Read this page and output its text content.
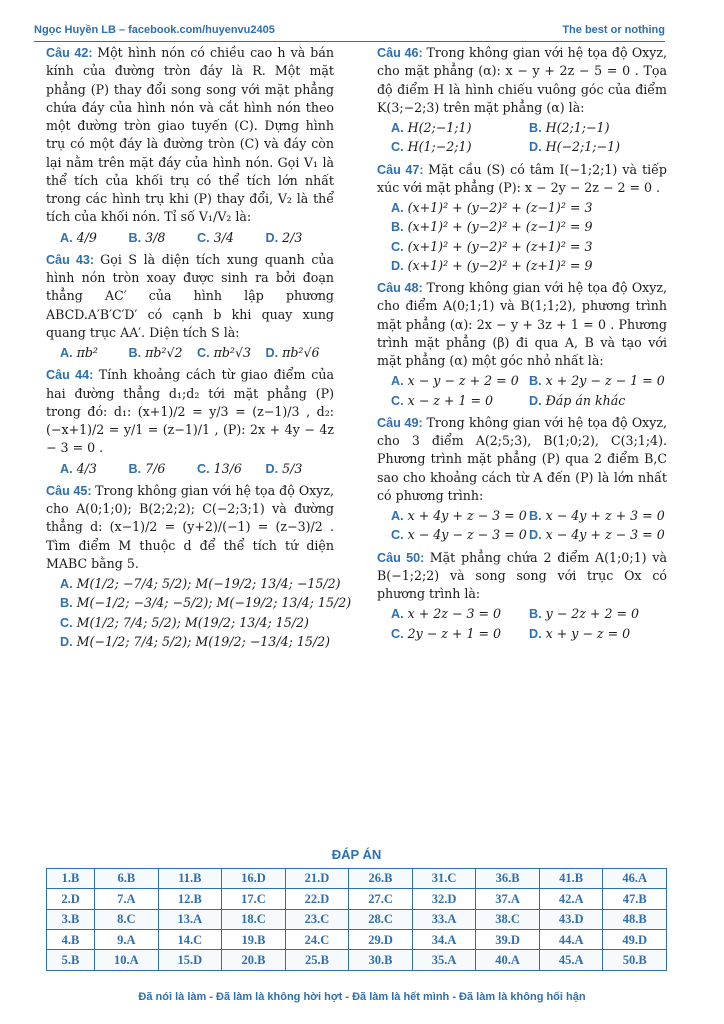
Ngọc Huyền LB – facebook.com/huyenvu2405	The best or nothing

Câu 42: Một hình nón có chiều cao h và bán kính của đường tròn đáy là R. Một mặt phẳng (P) thay đổi song song với mặt phẳng chứa đáy của hình nón và cắt hình nón theo một đường tròn giao tuyến (C). Dựng hình trụ có một đáy là đường tròn (C) và đáy còn lại nằm trên mặt đáy của hình nón. Gọi V₁ là thể tích của khối trụ có thể tích lớn nhất trong các hình trụ khi (P) thay đổi, V₂ là thể tích của khối nón. Tỉ số V₁/V₂ là:

A. 4/9	B. 3/8	C. 3/4	D. 2/3

Câu 43: Gọi S là diện tích xung quanh của hình nón tròn xoay được sinh ra bởi đoạn thẳng AC′ của hình lập phương ABCD.A′B′C′D′ có cạnh b khi quay xung quang trục AA′. Diện tích S là:

A. πb²	B. πb²√2	C. πb²√3	D. πb²√6

Câu 44: Tính khoảng cách từ giao điểm của hai đường thẳng d₁;d₂ tới mặt phẳng (P) trong đó: d₁: (x+1)/2 = y/3 = (z−1)/3 , d₂: (−x+1)/2 = y/1 = (z−1)/1 , (P): 2x + 4y − 4z − 3 = 0 .

A. 4/3	B. 7/6	C. 13/6	D. 5/3

Câu 45: Trong không gian với hệ tọa độ Oxyz, cho A(0;1;0); B(2;2;2); C(−2;3;1) và đường thẳng d: (x−1)/2 = (y+2)/(−1) = (z−3)/2 . Tìm điểm M thuộc d để thể tích tứ diện MABC bằng 5.

A. M(1/2; −7/4; 5/2); M(−19/2; 13/4; −15/2)
B. M(−1/2; −3/4; −5/2); M(−19/2; 13/4; 15/2)
C. M(1/2; 7/4; 5/2); M(19/2; 13/4; 15/2)
D. M(−1/2; 7/4; 5/2); M(19/2; −13/4; 15/2)

Câu 46: Trong không gian với hệ tọa độ Oxyz, cho mặt phẳng (α): x − y + 2z − 5 = 0 . Tọa độ điểm H là hình chiếu vuông góc của điểm K(3;−2;3) trên mặt phẳng (α) là:

A. H(2;−1;1)	B. H(2;1;−1)
C. H(1;−2;1)	D. H(−2;1;−1)

Câu 47: Mặt cầu (S) có tâm I(−1;2;1) và tiếp xúc với mặt phẳng (P): x − 2y − 2z − 2 = 0 .

A. (x+1)² + (y−2)² + (z−1)² = 3
B. (x+1)² + (y−2)² + (z−1)² = 9
C. (x+1)² + (y−2)² + (z+1)² = 3
D. (x+1)² + (y−2)² + (z+1)² = 9

Câu 48: Trong không gian với hệ tọa độ Oxyz, cho điểm A(0;1;1) và B(1;1;2), phương trình mặt phẳng (α): 2x − y + 3z + 1 = 0 . Phương trình mặt phẳng (β) đi qua A, B và tạo với mặt phẳng (α) một góc nhỏ nhất là:

A. x − y − z + 2 = 0 B. x + 2y − z − 1 = 0
C. x − z + 1 = 0	D. Đáp án khác

Câu 49: Trong không gian với hệ tọa độ Oxyz, cho 3 điểm A(2;5;3), B(1;0;2), C(3;1;4). Phương trình mặt phẳng (P) qua 2 điểm B,C sao cho khoảng cách từ A đến (P) là lớn nhất có phương trình:

A. x + 4y + z − 3 = 0 B. x − 4y + z + 3 = 0
C. x − 4y − z − 3 = 0 D. x − 4y + z − 3 = 0

Câu 50: Mặt phẳng chứa 2 điểm A(1;0;1) và B(−1;2;2) và song song với trục Ox có phương trình là:

A. x + 2z − 3 = 0	B. y − 2z + 2 = 0
C. 2y − z + 1 = 0	D. x + y − z = 0
ĐÁP ÁN
1.B	6.B	11.B	16.D	21.D	26.B	31.C	36.B	41.B	46.A
2.D	7.A	12.B	17.C	22.D	27.C	32.D	37.A	42.A	47.B
3.B	8.C	13.A	18.C	23.C	28.C	33.A	38.C	43.D	48.B
4.B	9.A	14.C	19.B	24.C	29.D	34.A	39.D	44.A	49.D
5.B	10.A	15.D	20.B	25.B	30.B	35.A	40.A	45.A	50.B
Đã nói là làm - Đã làm là không hời hợt - Đã làm là hết mình - Đã làm là không hối hận
